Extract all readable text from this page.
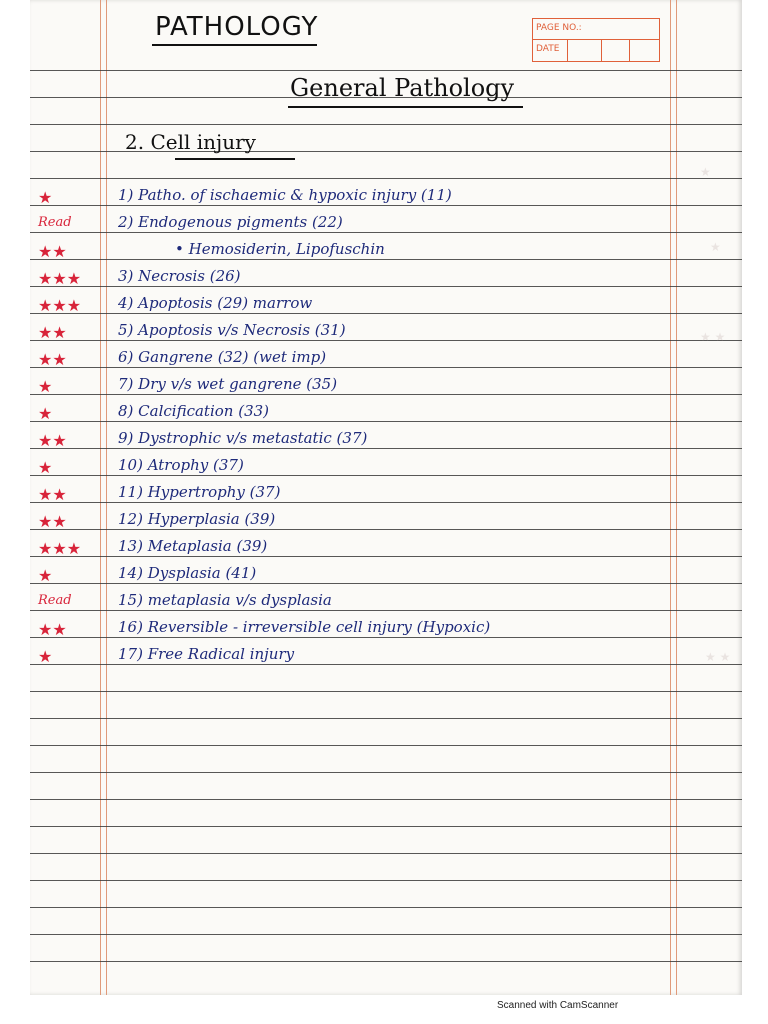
PATHOLOGY	PAGE NO.:
DATE
General Pathology
2. Cell injury
★	1) Patho. of ischaemic & hypoxic injury (11)
Read	2) Endogenous pigments (22)
★★	• Hemosiderin, Lipofuschin
★★★ 3) Necrosis (26)
★★★ 4) Apoptosis (29) marrow
★★	5) Apoptosis v/s Necrosis (31)
★★	6) Gangrene (32) (wet imp)
★	7) Dry v/s wet gangrene (35)
★	8) Calcification (33)
★★	9) Dystrophic v/s metastatic (37)
★	10) Atrophy (37)
★★	11) Hypertrophy (37)
★★	12) Hyperplasia (39)
★★★ 13) Metaplasia (39)
★	14) Dysplasia (41)
Read	15) metaplasia v/s dysplasia
★★	16) Reversible - irreversible cell injury (Hypoxic)
★	17) Free Radical injury
★
★
★ ★
★ ★
Scanned with CamScanner
